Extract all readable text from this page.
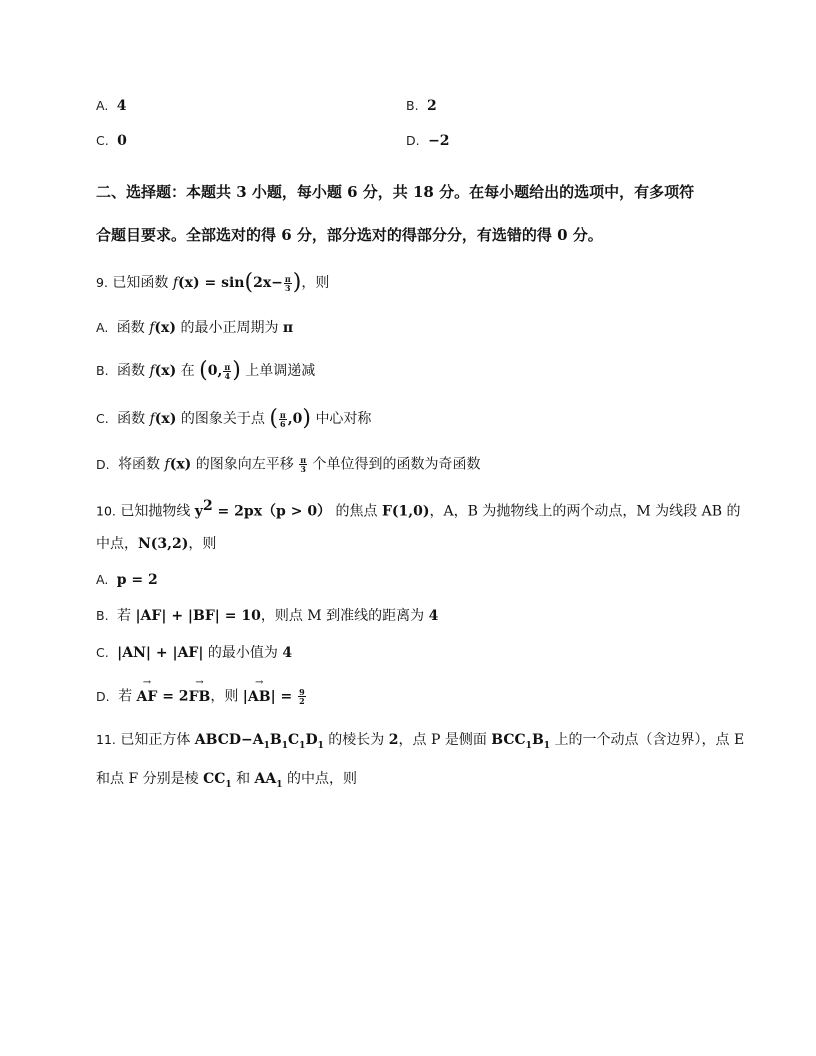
A. 4	B. 2
C. 0	D. −2
二、选择题：本题共 3 小题，每小题 6 分，共 18 分。在每小题给出的选项中，有多项符
合题目要求。全部选对的得 6 分，部分选对的得部分分，有选错的得 0 分。
9. 已知函数 $f(x) = \sin(2x- \frac{\pi}{3}$ )，则
A. 函数 f(x) 的最小正周期为 π
B. 函数 f(x) 在 (0, $\frac{\pi}{4}$ ) 上单调递减
C. 函数 f(x) 的图象关于点 ( $\frac{\pi}{6} ,0$) 中心对称
D. 将函数 f(x) 的图象向左平移 $\frac{\pi}{3}$ 个单位得到的函数为奇函数
10. 已知抛物线 $y^2 = 2px(p > 0)$ 的焦点 F(1,0)，A，B 为抛物线上的两个动点，M 为线段 AB 的
中点，N(3,2)，则
A. p = 2
B. 若 |AF| + |BF| = 10，则点 M 到准线的距离为 4
C. |AN| + |AF| 的最小值为 4
D. 若
→
AF = 2
→
FB，则 |
→
$AB| = \frac{9}{2}$
11. 已知正方体 $ABCD-A_1B_1C_1D_1$ 的棱长为 2，点 P 是侧面 $BCC_1B_1$ 上的一个动点（含边界），点 E
和点 F 分别是棱 $CC_1$ 和 $AA_1$ 的中点，则
